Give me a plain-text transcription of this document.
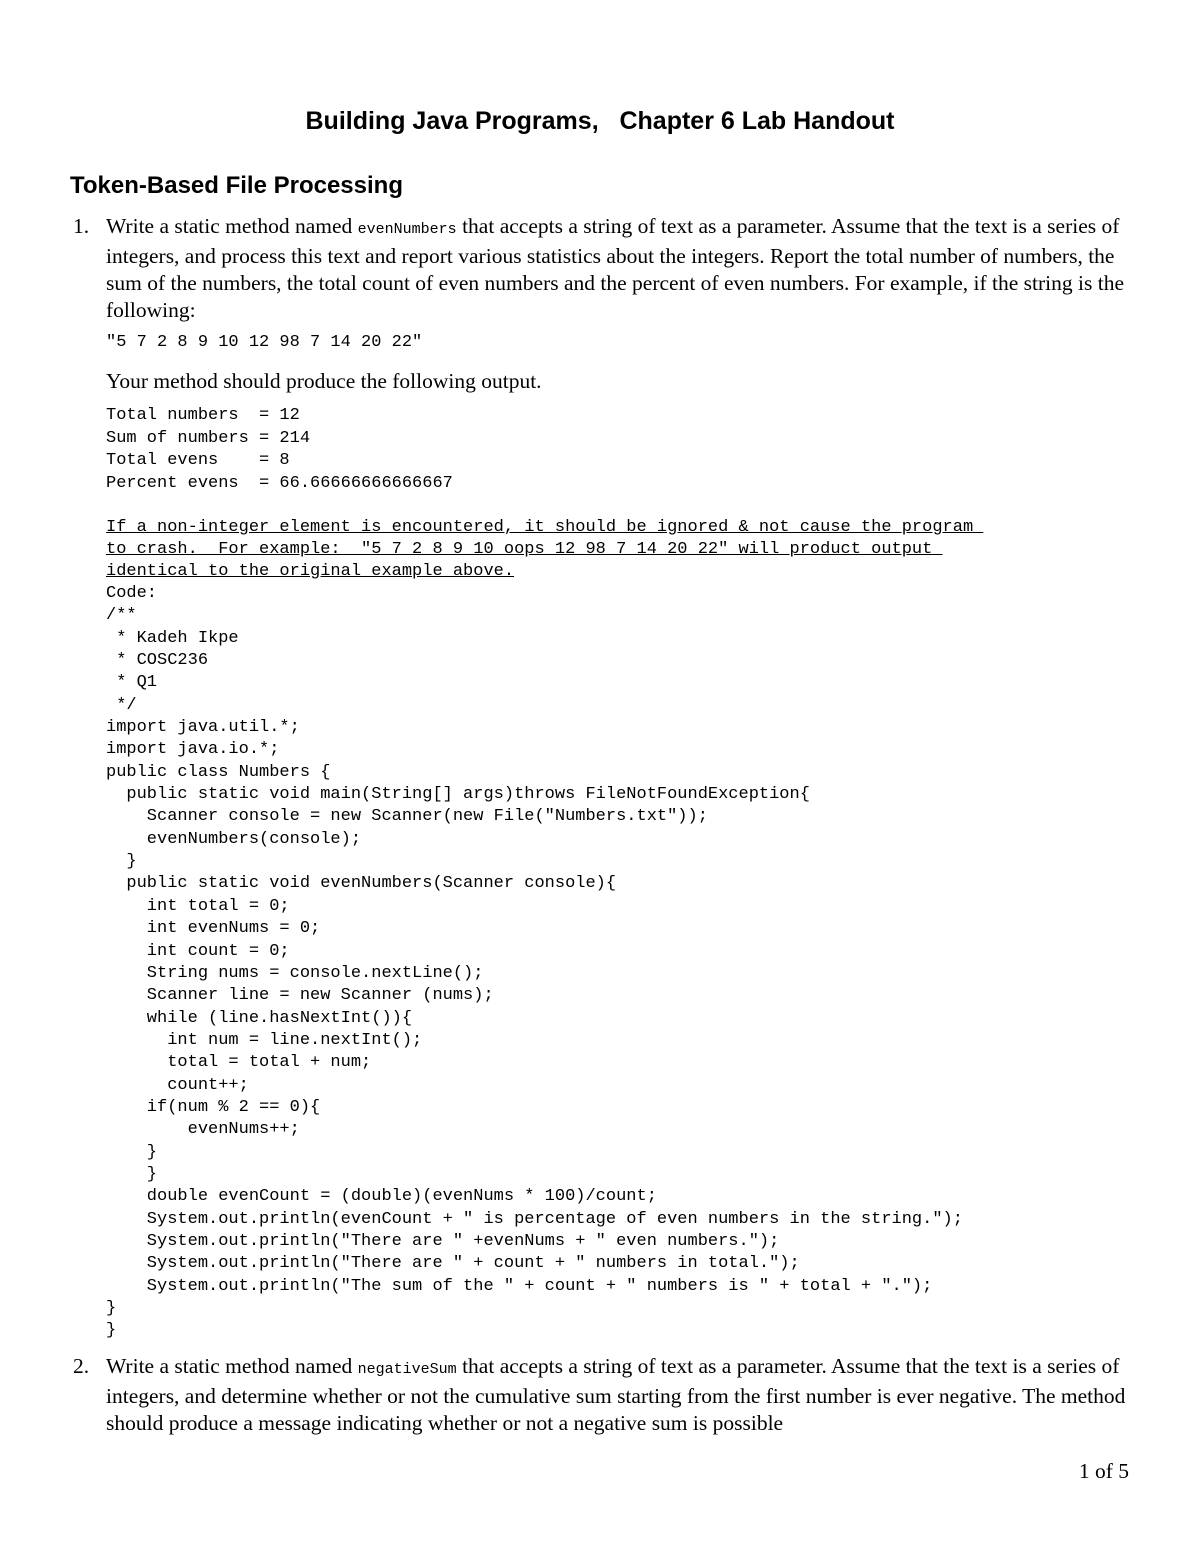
Building Java Programs,   Chapter 6 Lab Handout
Token-Based File Processing
1. Write a static method named evenNumbers that accepts a string of text as a parameter. Assume that the text is a series of integers, and process this text and report various statistics about the integers. Report the total number of numbers, the sum of the numbers, the total count of even numbers and the percent of even numbers. For example, if the string is the following:
"5 7 2 8 9 10 12 98 7 14 20 22"
Your method should produce the following output.
Total numbers  = 12
Sum of numbers = 214
Total evens    = 8
Percent evens  = 66.66666666666667
If a non-integer element is encountered, it should be ignored & not cause the program
to crash.  For example:  "5 7 2 8 9 10 oops 12 98 7 14 20 22" will product output
identical to the original example above.
Code:
/**
* Kadeh Ikpe
* COSC236
* Q1
*/
import java.util.*;
import java.io.*;
public class Numbers {
public static void main(String[] args)throws FileNotFoundException{
Scanner console = new Scanner(new File("Numbers.txt"));
evenNumbers(console);
}
public static void evenNumbers(Scanner console){
int total = 0;
int evenNums = 0;
int count = 0;
String nums = console.nextLine();
Scanner line = new Scanner (nums);
while (line.hasNextInt()){
int num = line.nextInt();
total = total + num;
count++;
if(num % 2 == 0){
evenNums++;
}
}
double evenCount = (double)(evenNums * 100)/count;
System.out.println(evenCount + " is percentage of even numbers in the string.");
System.out.println("There are " +evenNums + " even numbers.");
System.out.println("There are " + count + " numbers in total.");
System.out.println("The sum of the " + count + " numbers is " + total + ".");
}
}
2. Write a static method named negativeSum that accepts a string of text as a parameter. Assume that the text is a series of integers, and determine whether or not the cumulative sum starting from the first number is ever negative. The method should produce a message indicating whether or not a negative sum is possible
1 of 5
